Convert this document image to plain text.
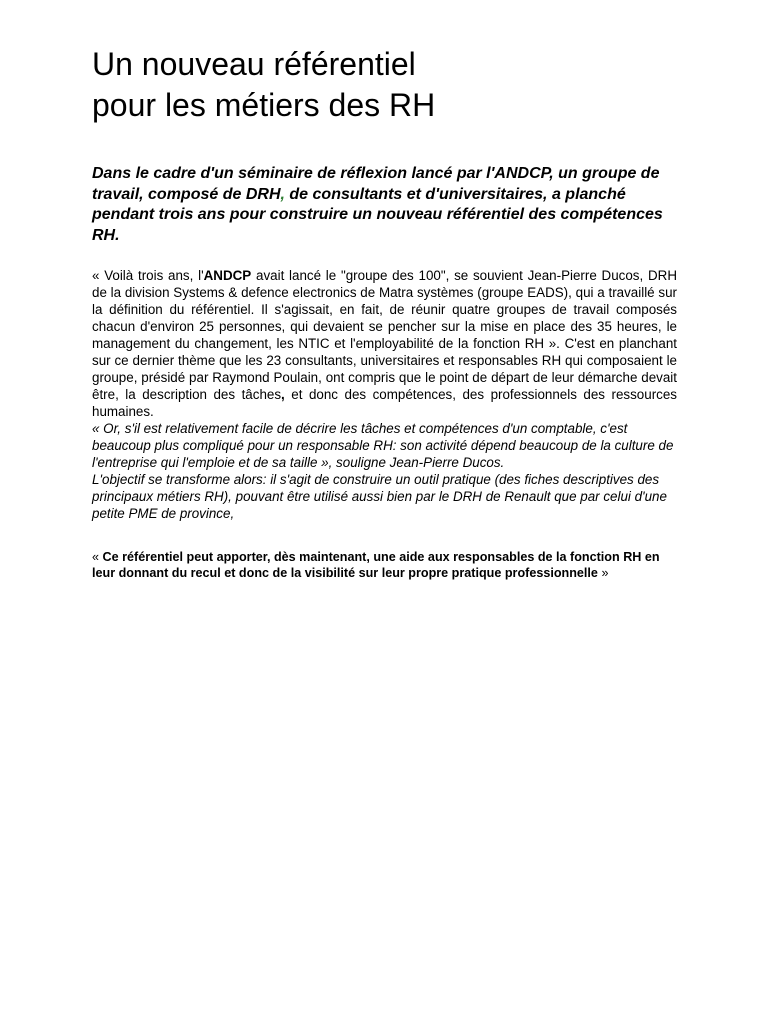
Un nouveau référentiel
pour les métiers des RH

Dans le cadre d'un séminaire de réflexion lancé par l'ANDCP, un groupe de travail, composé de DRH, de consultants et d'universitaires, a planché pendant trois ans pour construire un nouveau référentiel des compétences RH.

« Voilà trois ans, l'ANDCP avait lancé le "groupe des 100", se souvient Jean-Pierre Ducos, DRH de la division Systems & defence electronics de Matra systèmes (groupe EADS), qui a travaillé sur la définition du référentiel. Il s'agissait, en fait, de réunir quatre groupes de travail composés chacun d'environ 25 personnes, qui devaient se pencher sur la mise en place des 35 heures, le management du changement, les NTIC et l'employabilité de la fonction RH ». C'est en planchant sur ce dernier thème que les 23 consultants, universitaires et responsables RH qui composaient le groupe, présidé par Raymond Poulain, ont compris que le point de départ de leur démarche devait être, la description des tâches, et donc des compétences, des professionnels des ressources humaines.

« Or, s'il est relativement facile de décrire les tâches et compétences d'un comptable, c'est beaucoup plus compliqué pour un responsable RH: son activité dépend beaucoup de la culture de l'entreprise qui l'emploie et de sa taille », souligne Jean-Pierre Ducos.

L'objectif se transforme alors: il s'agit de construire un outil pratique (des fiches descriptives des principaux métiers RH), pouvant être utilisé aussi bien par le DRH de Renault que par celui d'une petite PME de province,

« Ce référentiel peut apporter, dès maintenant, une aide aux responsables de la fonction RH en leur donnant du recul et donc de la visibilité sur leur propre pratique professionnelle »
